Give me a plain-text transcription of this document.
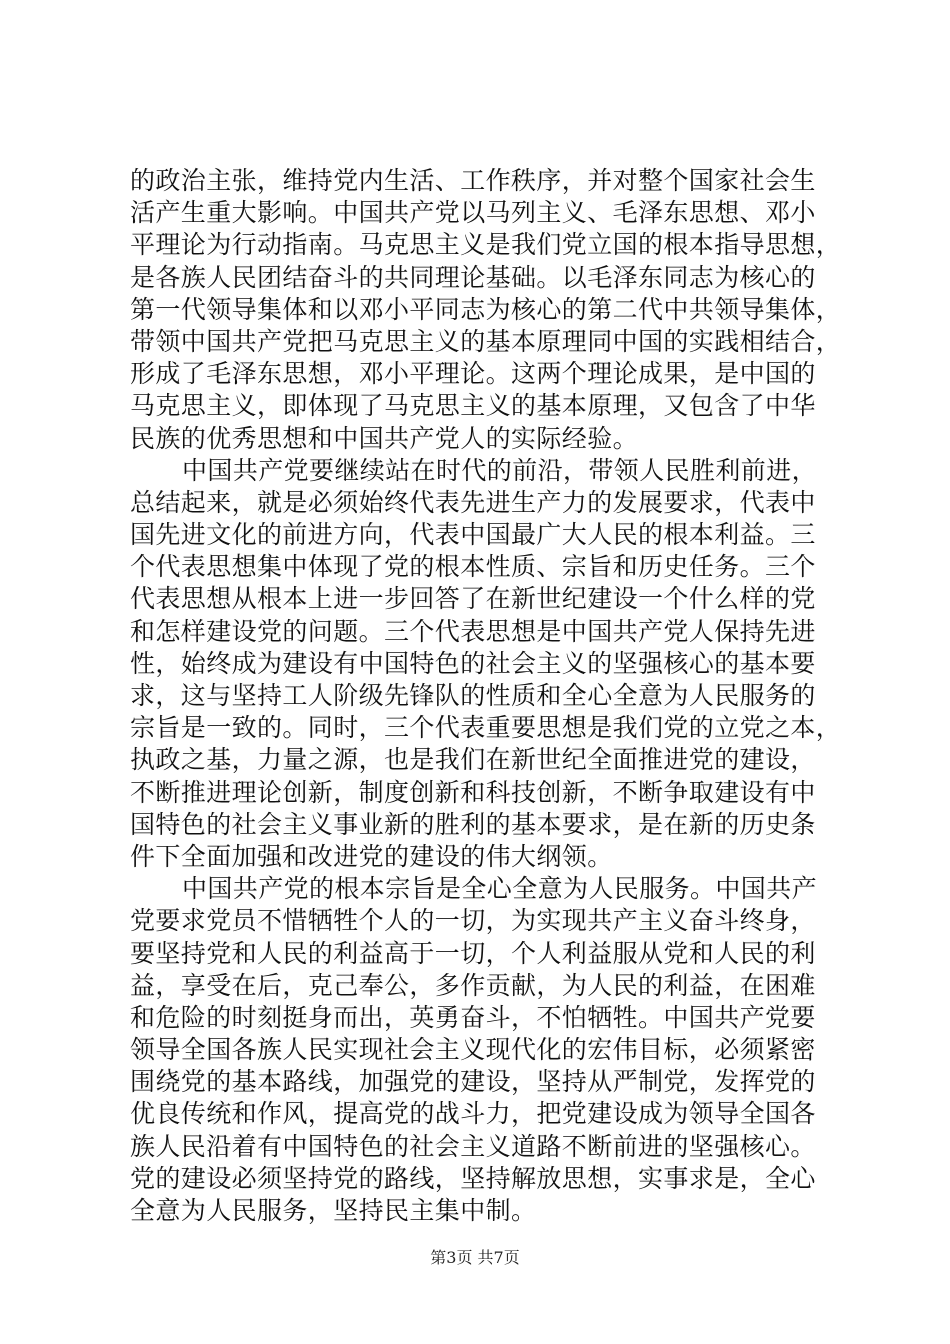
的政治主张，维持党内生活、工作秩序，并对整个国家社会生
活产生重大影响。中国共产党以马列主义、毛泽东思想、邓小
平理论为行动指南。马克思主义是我们党立国的根本指导思想，
是各族人民团结奋斗的共同理论基础。以毛泽东同志为核心的
第一代领导集体和以邓小平同志为核心的第二代中共领导集体，
带领中国共产党把马克思主义的基本原理同中国的实践相结合，
形成了毛泽东思想，邓小平理论。这两个理论成果，是中国的
马克思主义，即体现了马克思主义的基本原理，又包含了中华
民族的优秀思想和中国共产党人的实际经验。
中国共产党要继续站在时代的前沿，带领人民胜利前进，
总结起来，就是必须始终代表先进生产力的发展要求，代表中
国先进文化的前进方向，代表中国最广大人民的根本利益。三
个代表思想集中体现了党的根本性质、宗旨和历史任务。三个
代表思想从根本上进一步回答了在新世纪建设一个什么样的党
和怎样建设党的问题。三个代表思想是中国共产党人保持先进
性，始终成为建设有中国特色的社会主义的坚强核心的基本要
求，这与坚持工人阶级先锋队的性质和全心全意为人民服务的
宗旨是一致的。同时，三个代表重要思想是我们党的立党之本，
执政之基，力量之源，也是我们在新世纪全面推进党的建设，
不断推进理论创新，制度创新和科技创新，不断争取建设有中
国特色的社会主义事业新的胜利的基本要求，是在新的历史条
件下全面加强和改进党的建设的伟大纲领。
中国共产党的根本宗旨是全心全意为人民服务。中国共产
党要求党员不惜牺牲个人的一切，为实现共产主义奋斗终身，
要坚持党和人民的利益高于一切，个人利益服从党和人民的利
益，享受在后，克己奉公，多作贡献，为人民的利益，在困难
和危险的时刻挺身而出，英勇奋斗，不怕牺牲。中国共产党要
领导全国各族人民实现社会主义现代化的宏伟目标，必须紧密
围绕党的基本路线，加强党的建设，坚持从严制党，发挥党的
优良传统和作风，提高党的战斗力，把党建设成为领导全国各
族人民沿着有中国特色的社会主义道路不断前进的坚强核心。
党的建设必须坚持党的路线，坚持解放思想，实事求是，全心
全意为人民服务，坚持民主集中制。
第3页 共7页
